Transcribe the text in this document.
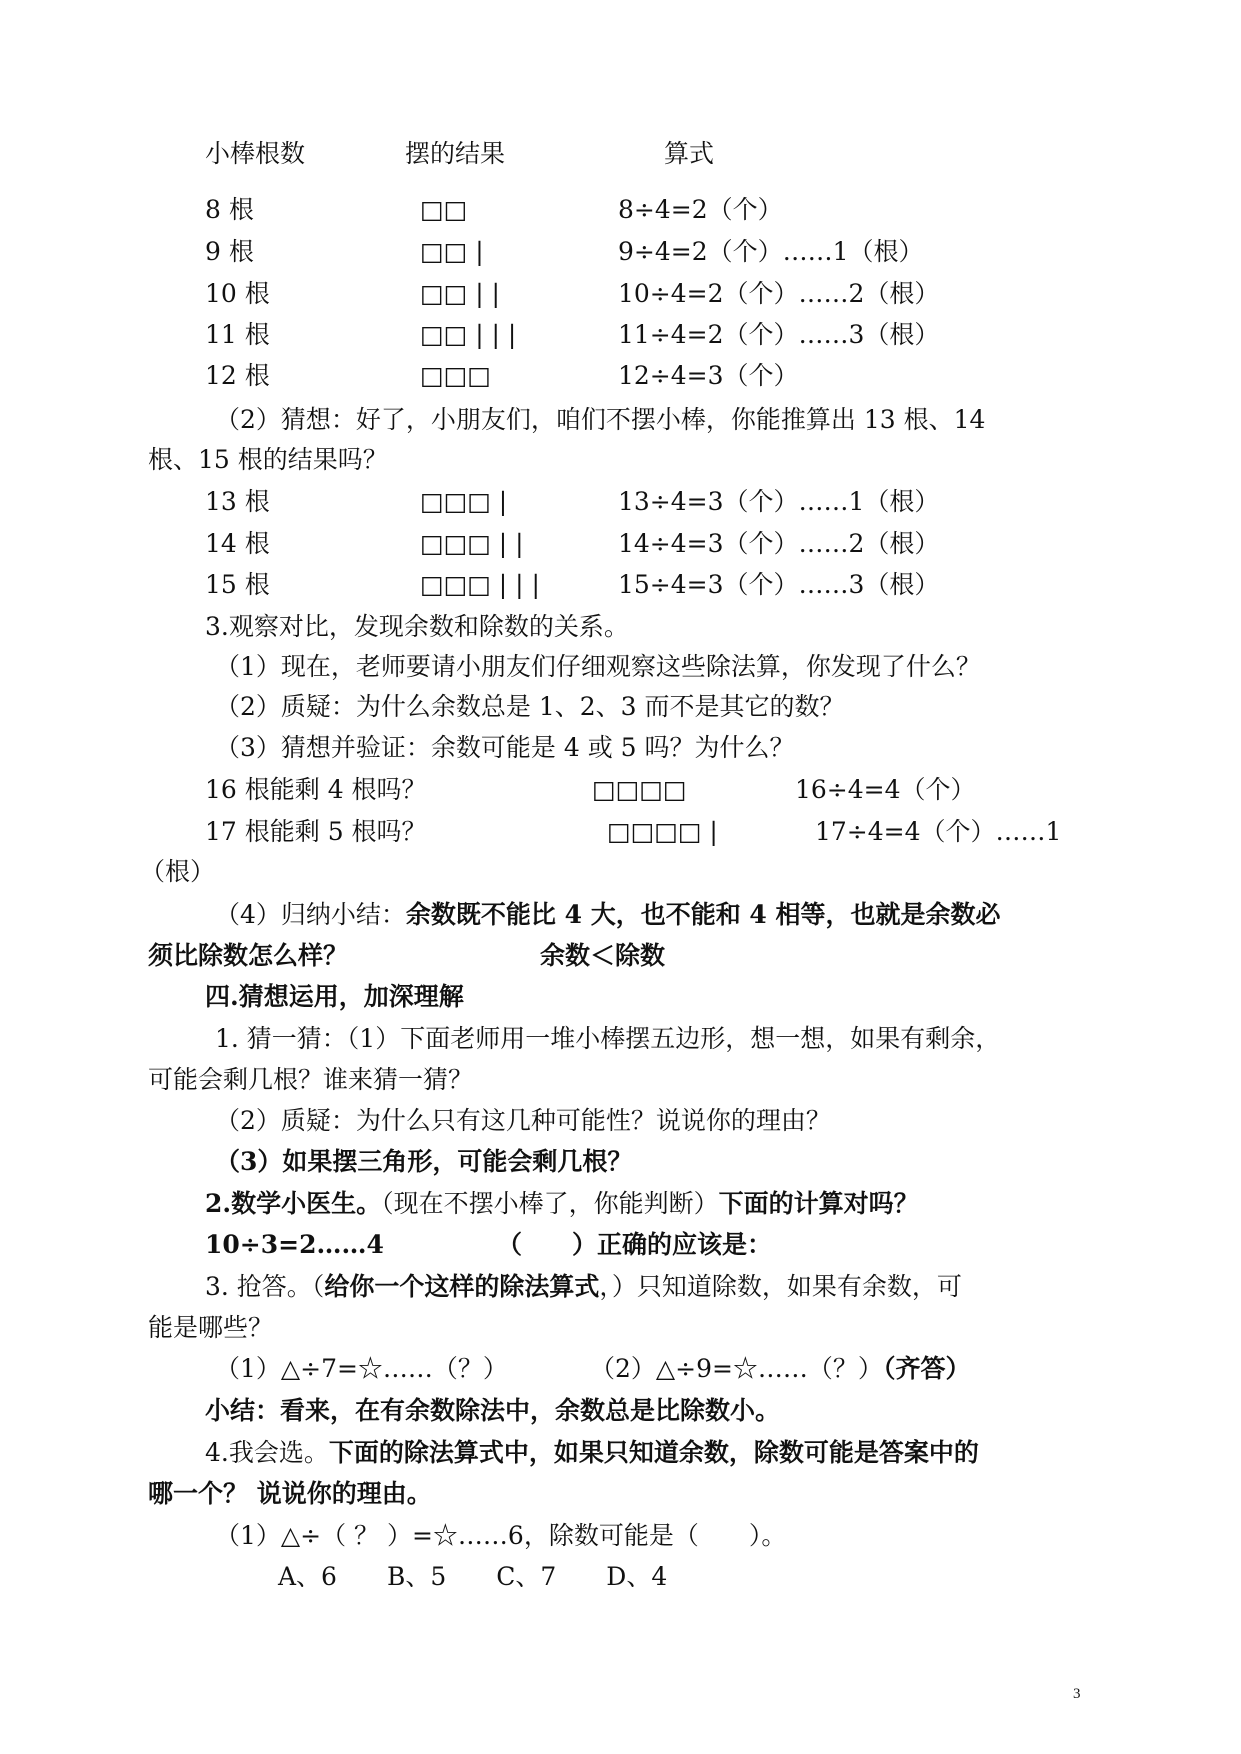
小棒根数	摆的结果	算式
8 根	□□	8÷4=2（个）
9 根	□□ |	9÷4=2（个）……1（根）
10 根	□□ | |	10÷4=2（个）……2（根）
11 根	□□ | | |	11÷4=2（个）……3（根）
12 根	□□□	12÷4=3（个）
（2）猜想：好了，小朋友们，咱们不摆小棒，你能推算出 13 根、14
根、15 根的结果吗？
13 根	□□□ |	13÷4=3（个）……1（根）
14 根	□□□ | |	14÷4=3（个）……2（根）
15 根	□□□ | | |	15÷4=3（个）……3（根）
3.观察对比，发现余数和除数的关系。
（1）现在，老师要请小朋友们仔细观察这些除法算，你发现了什么？
（2）质疑：为什么余数总是 1、2、3 而不是其它的数？
（3）猜想并验证：余数可能是 4 或 5 吗？为什么？
16 根能剩 4 根吗？	□□□□	16÷4=4（个）
17 根能剩 5 根吗？	□□□□ |	17÷4=4（个）……1
（根）
（4）归纳小结：余数既不能比 4 大，也不能和 4 相等，也就是余数必
须比除数怎么样？	余数＜除数
四.猜想运用，加深理解
1. 猜一猜：（1）下面老师用一堆小棒摆五边形，想一想，如果有剩余，
可能会剩几根？谁来猜一猜？
（2）质疑：为什么只有这几种可能性？说说你的理由？
（3）如果摆三角形，可能会剩几根？
2.数学小医生。（现在不摆小棒了，你能判断）下面的计算对吗？
10÷3=2……4	（　　）正确的应该是：
3. 抢答。（给你一个这样的除法算式，）只知道除数，如果有余数，可
能是哪些？
（1）△÷7=☆……（？）	（2）△÷9=☆……（？）（齐答）
小结：看来，在有余数除法中，余数总是比除数小。
4.我会选。下面的除法算式中，如果只知道余数，除数可能是答案中的
哪一个？ 说说你的理由。
（1）△÷（ ？ ）=☆……6，除数可能是（　　）。
A、6　　B、5　　C、7　　D、4
3
